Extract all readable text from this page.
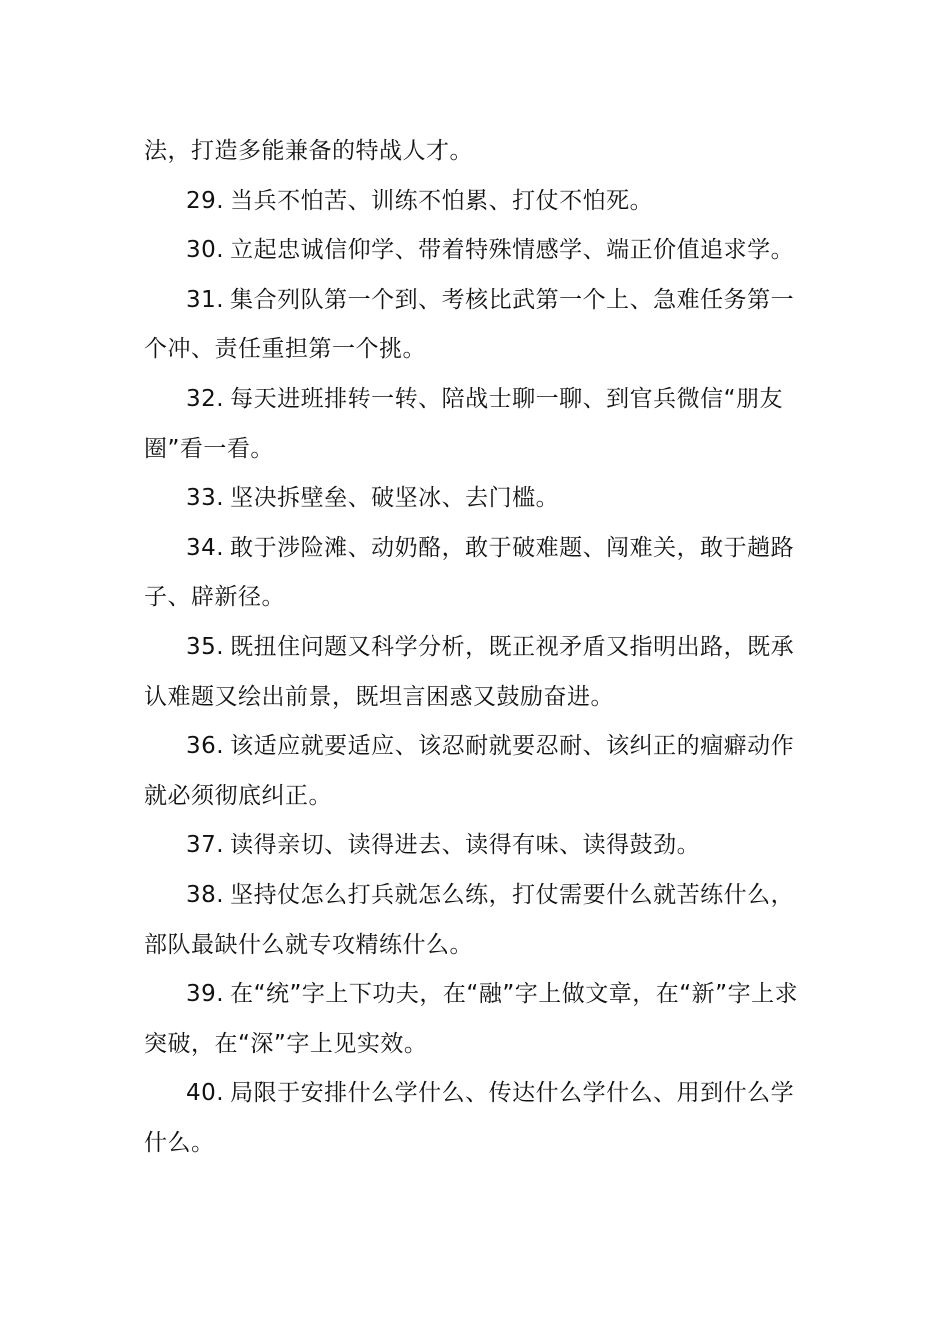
法，打造多能兼备的特战人才。

29. 当兵不怕苦、训练不怕累、打仗不怕死。

30. 立起忠诚信仰学、带着特殊情感学、端正价值追求学。

31. 集合列队第一个到、考核比武第一个上、急难任务第一个冲、责任重担第一个挑。

32. 每天进班排转一转、陪战士聊一聊、到官兵微信“朋友圈”看一看。

33. 坚决拆壁垒、破坚冰、去门槛。

34. 敢于涉险滩、动奶酪，敢于破难题、闯难关，敢于趟路子、辟新径。

35. 既扭住问题又科学分析，既正视矛盾又指明出路，既承认难题又绘出前景，既坦言困惑又鼓励奋进。

36. 该适应就要适应、该忍耐就要忍耐、该纠正的痼癖动作就必须彻底纠正。

37. 读得亲切、读得进去、读得有味、读得鼓劲。

38. 坚持仗怎么打兵就怎么练，打仗需要什么就苦练什么，部队最缺什么就专攻精练什么。

39. 在“统”字上下功夫，在“融”字上做文章，在“新”字上求突破，在“深”字上见实效。

40. 局限于安排什么学什么、传达什么学什么、用到什么学什么。
